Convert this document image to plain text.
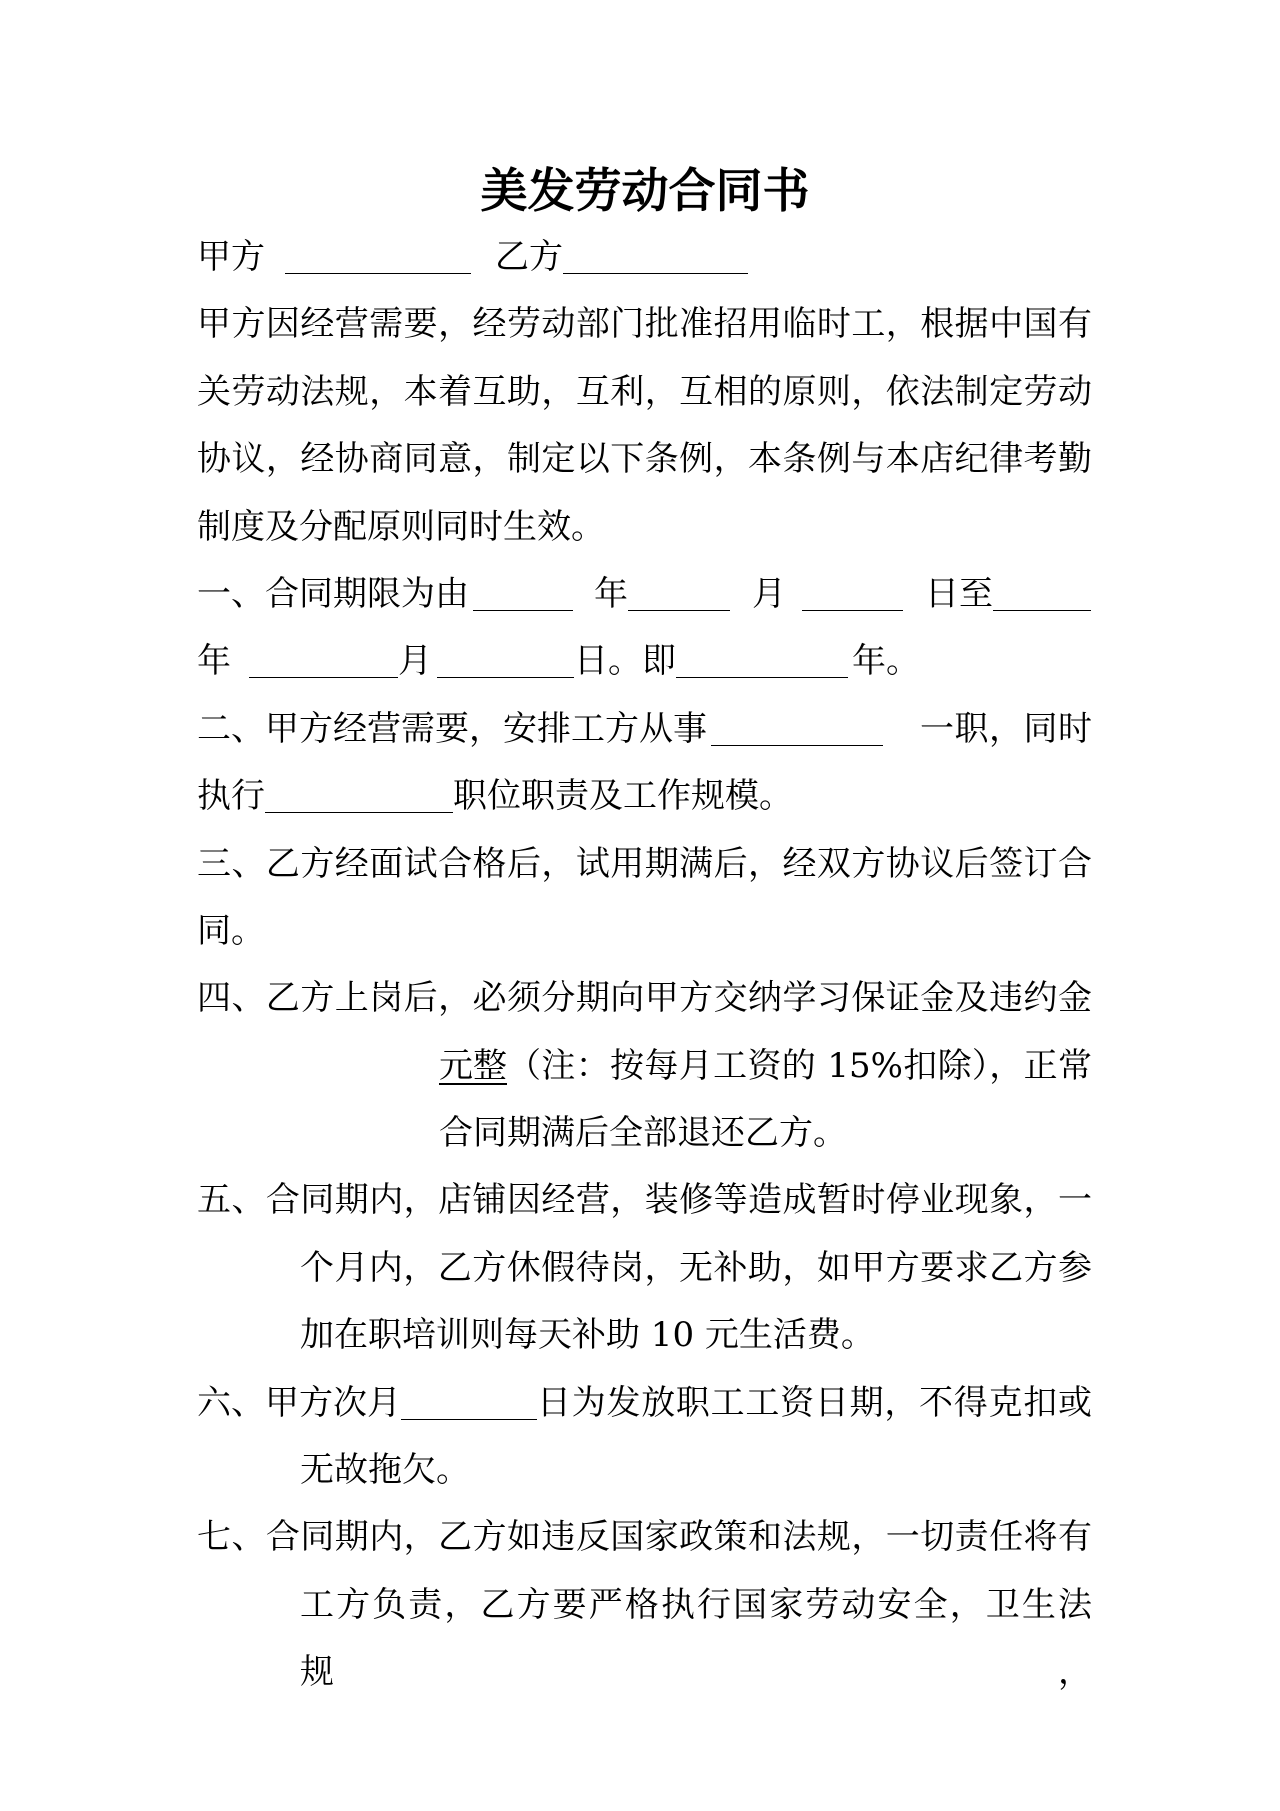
美发劳动合同书
甲方	乙方
甲方因经营需要，经劳动部门批准招用临时工，根据中国有
关劳动法规，本着互助，互利，互相的原则，依法制定劳动
协议，经协商同意，制定以下条例，本条例与本店纪律考勤
制度及分配原则同时生效。
一、合同期限为由	年	月	日至
年	月	日。即	年。
二、甲方经营需要，安排工方从事	一职，同时
执行	职位职责及工作规模。
三、乙方经面试合格后，试用期满后，经双方协议后签订合
同。
四、乙方上岗后，必须分期向甲方交纳学习保证金及违约金
元整 （注：按每月工资的 15%扣除），正常
合同期满后全部退还乙方。
五、合同期内，店铺因经营，装修等造成暂时停业现象，一
个月内，乙方休假待岗，无补助，如甲方要求乙方参
加在职培训则每天补助 10 元生活费。
六、甲方次月	日为发放职工工资日期，不得克扣或
无故拖欠。
七、合同期内，乙方如违反国家政策和法规，一切责任将有
工方负责，乙方要严格执行国家劳动安全，卫生法规，
